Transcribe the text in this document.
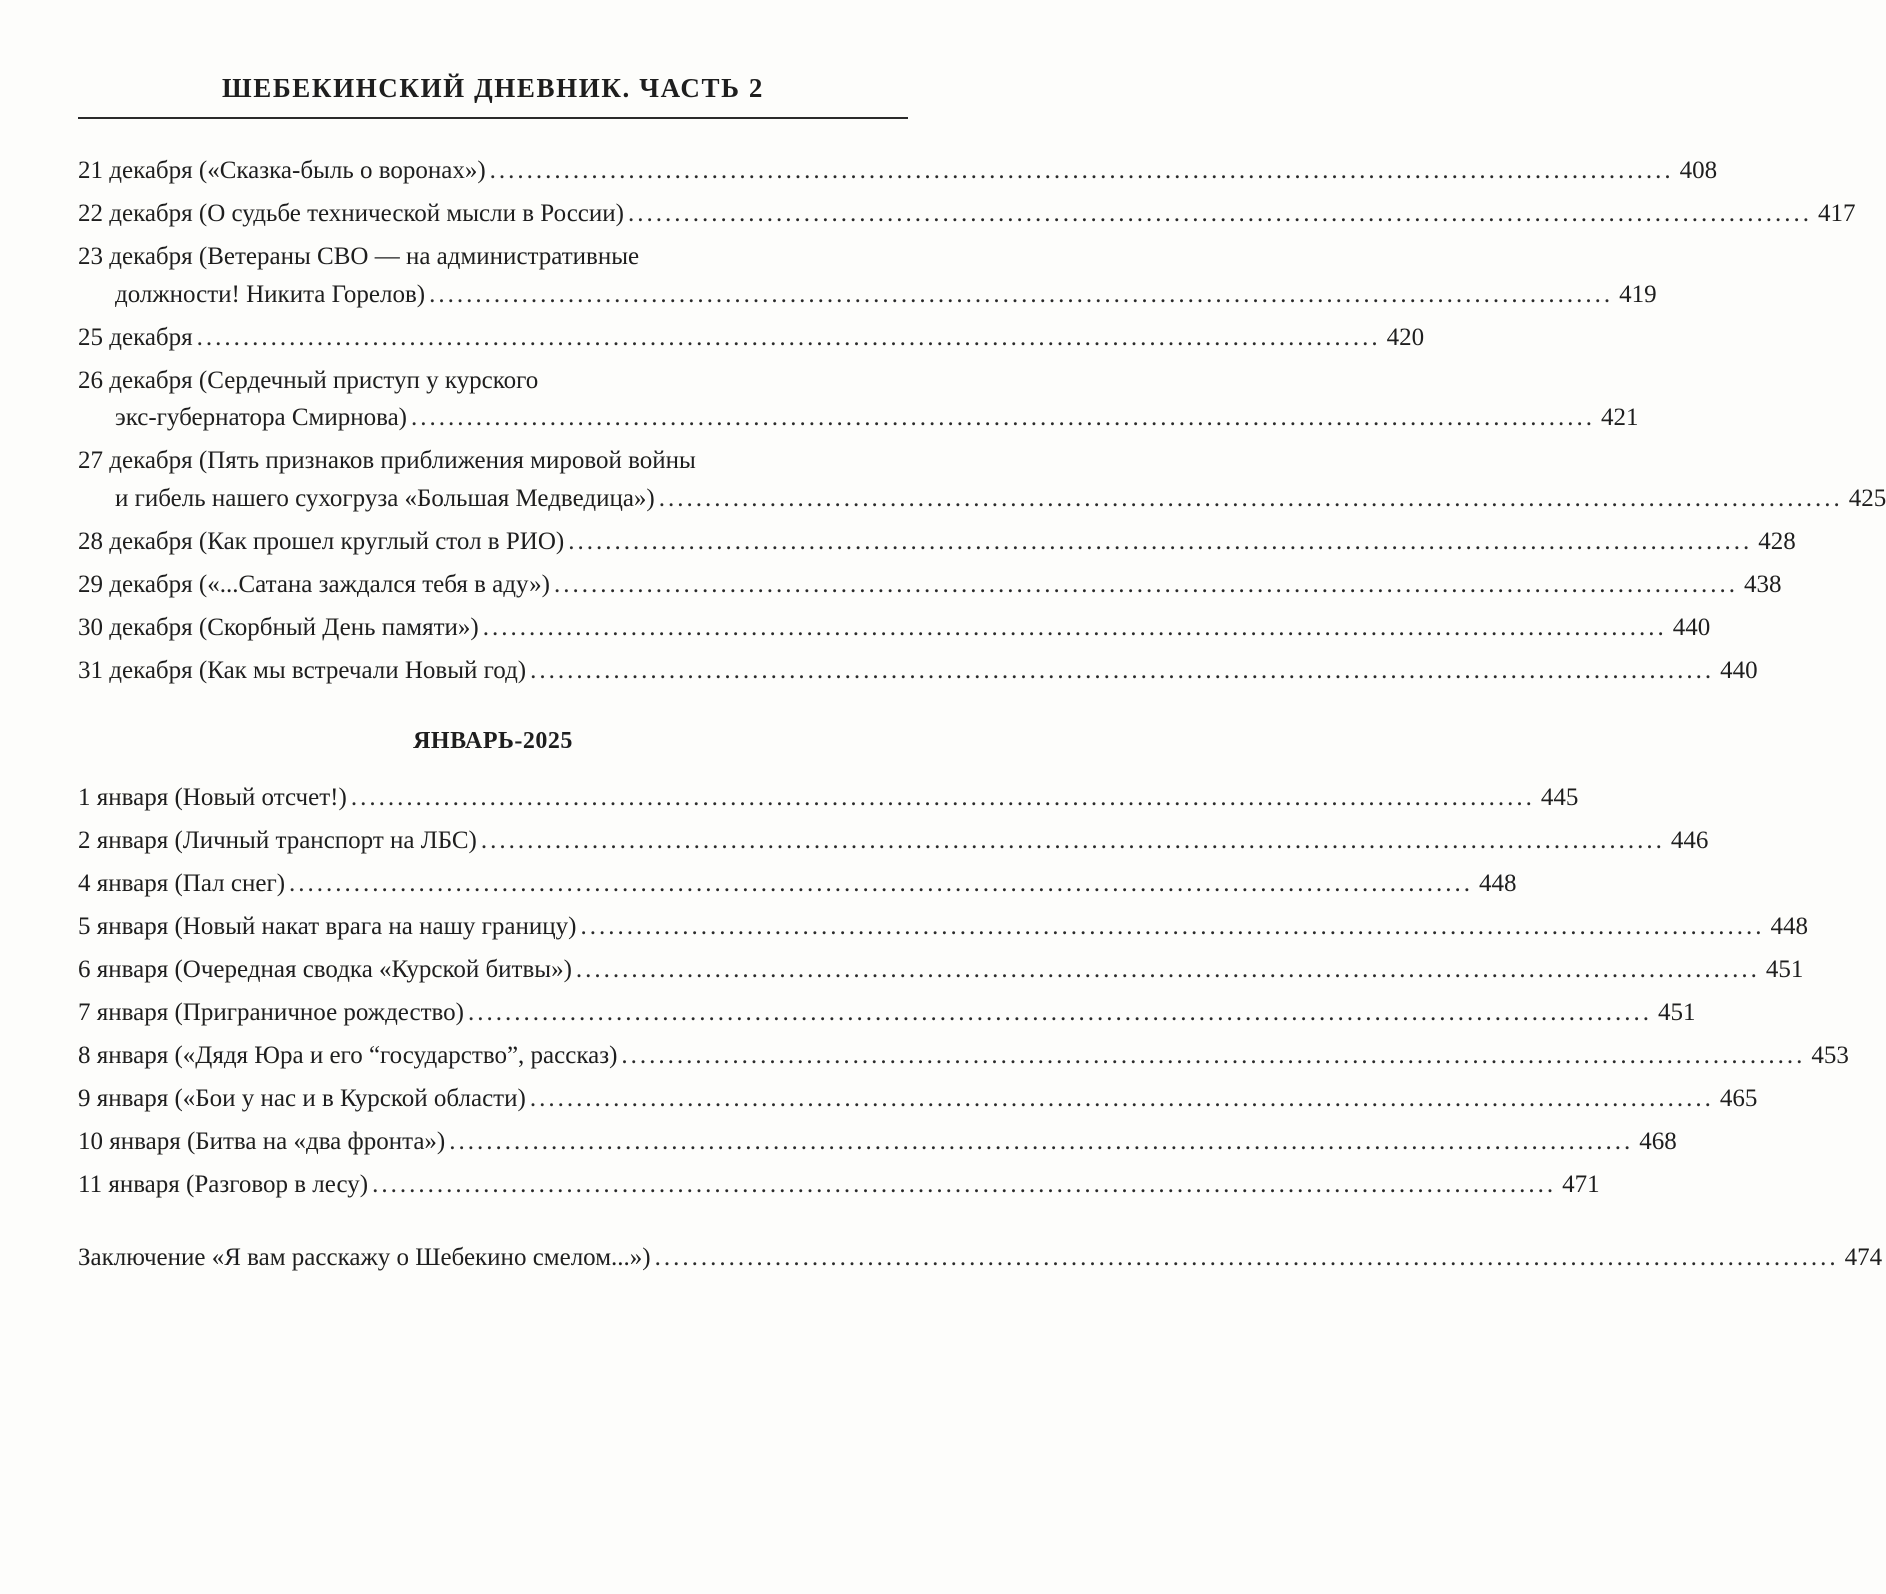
ШЕБЕКИНСКИЙ ДНЕВНИК. ЧАСТЬ 2
21 декабря («Сказка-быль о воронах») ................................................................................................................................ 408
22 декабря (О судьбе технической мысли в России) ................................................................................................................................ 417
23 декабря (Ветераны СВО — на административные
должности! Никита Горелов) ................................................................................................................................ 419
25 декабря ................................................................................................................................ 420
26 декабря (Сердечный приступ у курского
экс-губернатора Смирнова) ................................................................................................................................ 421
27 декабря (Пять признаков приближения мировой войны
и гибель нашего сухогруза «Большая Медведица») ................................................................................................................................ 425
28 декабря (Как прошел круглый стол в РИО) ................................................................................................................................ 428
29 декабря («...Сатана заждался тебя в аду») ................................................................................................................................ 438
30 декабря (Скорбный День памяти») ................................................................................................................................ 440
31 декабря (Как мы встречали Новый год) ................................................................................................................................ 440
ЯНВАРЬ-2025
1 января (Новый отсчет!) ................................................................................................................................ 445
2 января (Личный транспорт на ЛБС) ................................................................................................................................ 446
4 января (Пал снег) ................................................................................................................................ 448
5 января (Новый накат врага на нашу границу) ................................................................................................................................ 448
6 января (Очередная сводка «Курской битвы») ................................................................................................................................ 451
7 января (Приграничное рождество) ................................................................................................................................ 451
8 января («Дядя Юра и его “государство”, рассказ) ................................................................................................................................ 453
9 января («Бои у нас и в Курской области) ................................................................................................................................ 465
10 января (Битва на «два фронта») ................................................................................................................................ 468
11 января (Разговор в лесу) ................................................................................................................................ 471
Заключение «Я вам расскажу о Шебекино смелом...») ................................................................................................................................ 474
